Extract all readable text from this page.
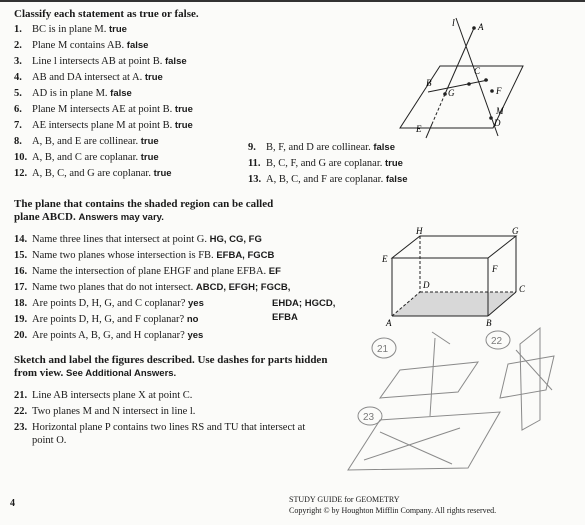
Classify each statement as true or false.
1. BC is in plane M. true
2. Plane M contains AB. false
3. Line l intersects AB at point B. false
4. AB and DA intersect at A. true
5. AD is in plane M. false
6. Plane M intersects AE at point B. true
7. AE intersects plane M at point B. true
8. A, B, and E are collinear. true
9. B, F, and D are collinear. false
10. A, B, and C are coplanar. true
11. B, C, F, and G are coplanar. true
12. A, B, C, and G are coplanar. true
13. A, B, C, and F are coplanar. false
l	A
B
C
G	F
M
D
E
The plane that contains the shaded region can be called
plane ABCD. Answers may vary.
14. Name three lines that intersect at point G. HG, CG, FG
15. Name two planes whose intersection is FB. EFBA, FGCB
16. Name the intersection of plane EHGF and plane EFBA. EF
17. Name two planes that do not intersect. ABCD, EFGH; FGCB,
EHDA; HGCD,
EFBA
18. Are points D, H, G, and C coplanar? yes
19. Are points D, H, G, and F coplanar? no
20. Are points A, B, G, and H coplanar? yes
H	G
E
F
D	C
A	B
Sketch and label the figures described. Use dashes for parts hidden
from view. See Additional Answers.
21. Line AB intersects plane X at point C.
22. Two planes M and N intersect in line l.
23. Horizontal plane P contains two lines RS and TU that intersect at
point O.
21
22
23
4	STUDY GUIDE for GEOMETRY
Copyright © by Houghton Mifflin Company. All rights reserved.
